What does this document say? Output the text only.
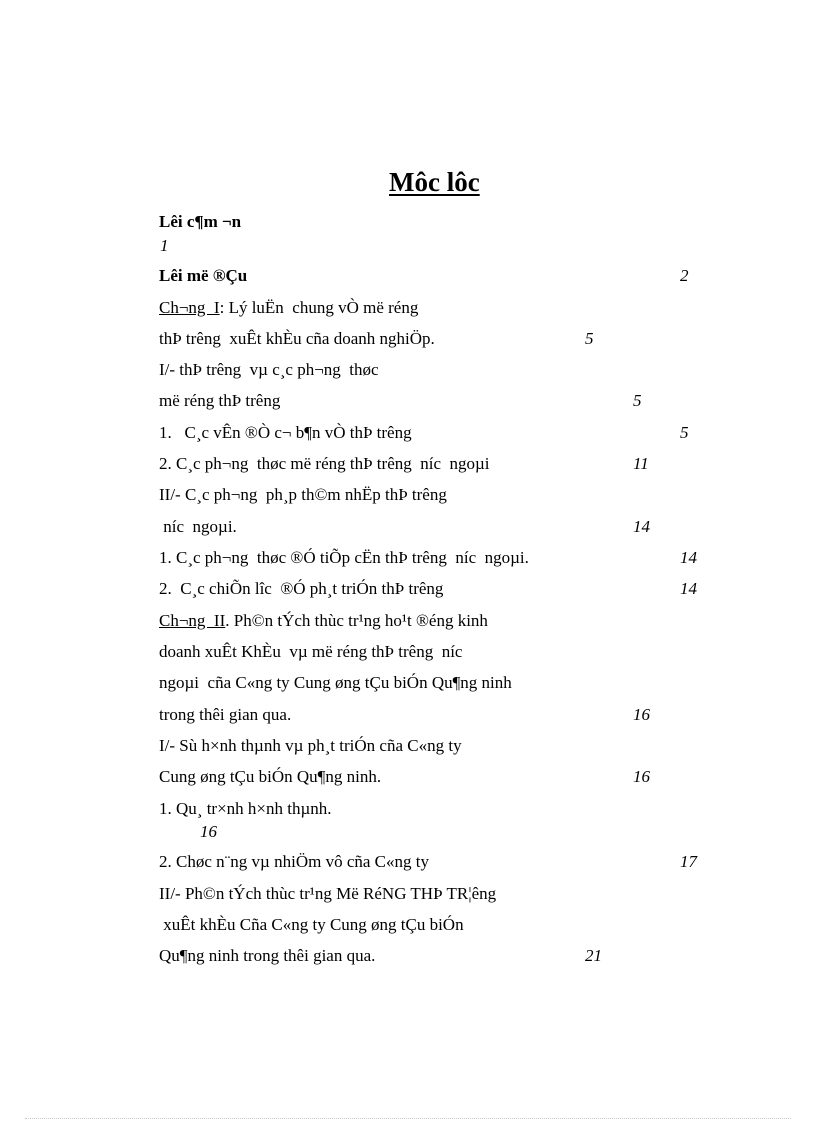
Môc lôc
Lêi c¶m ¬n
1
Lêi më ®Çu	2
Ch¬ng  I: Lý luËn  chung vÒ më réng
thÞ trêng  xuÊt khÈu cña doanh nghiÖp.	5
I/- thÞ trêng  vµ c¸c ph¬ng  thøc
më réng thÞ trêng	5
1.   C¸c vÊn ®Ò c¬ b¶n vÒ thÞ trêng	5
2. C¸c ph¬ng  thøc më réng thÞ trêng  níc  ngoµi	11
II/- C¸c ph¬ng  ph¸p th©m nhËp thÞ trêng
níc  ngoµi.	14
1. C¸c ph¬ng  thøc ®Ó tiÕp cËn thÞ trêng  níc  ngoµi.	14
2.  C¸c chiÕn lîc  ®Ó ph¸t triÓn thÞ trêng	14
Ch¬ng  II. Ph©n tÝch thùc tr¹ng ho¹t ®éng kinh
doanh xuÊt KhÈu  vµ më réng thÞ trêng  níc
ngoµi  cña C«ng ty Cung øng tÇu biÓn Qu¶ng ninh
trong thêi gian qua.	16
I/- Sù h×nh thµnh vµ ph¸t triÓn cña C«ng ty
Cung øng tÇu biÓn Qu¶ng ninh.	16
1. Qu¸ tr×nh h×nh thµnh.
16
2. Chøc n¨ng vµ nhiÖm vô cña C«ng ty	17
II/- Ph©n tÝch thùc tr¹ng Më RéNG THÞ TR¦êng
xuÊt khÈu Cña C«ng ty Cung øng tÇu biÓn
Qu¶ng ninh trong thêi gian qua.	21
